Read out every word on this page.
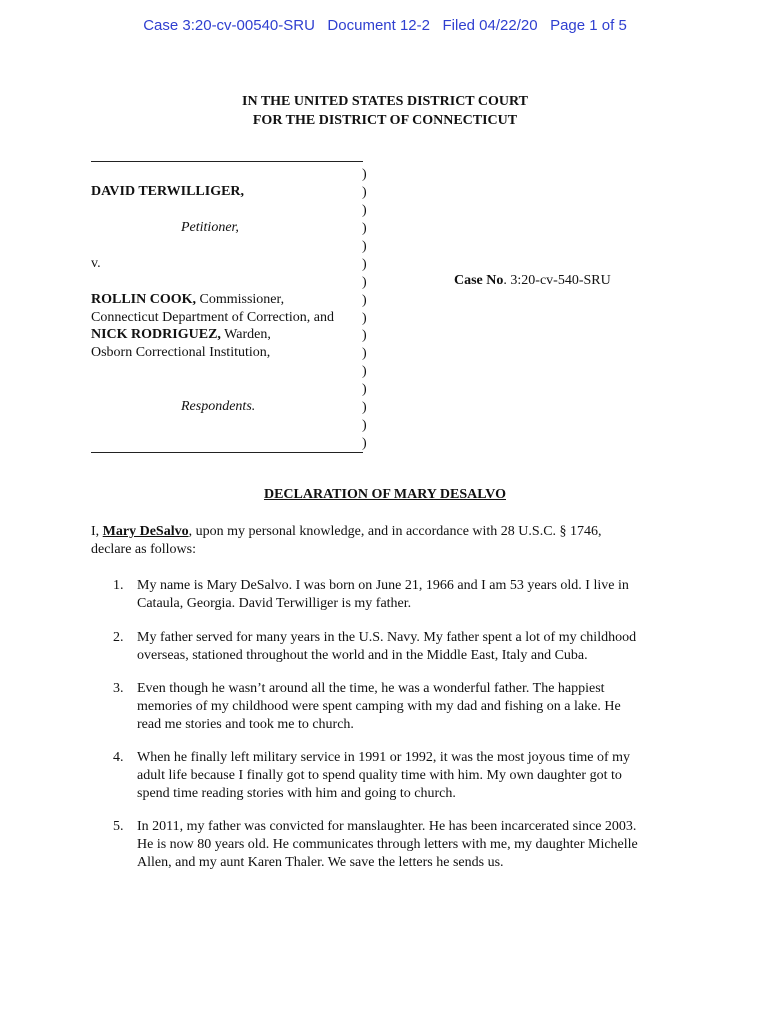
Case 3:20-cv-00540-SRU   Document 12-2   Filed 04/22/20   Page 1 of 5
IN THE UNITED STATES DISTRICT COURT
FOR THE DISTRICT OF CONNECTICUT
DAVID TERWILLIGER,
Petitioner,
v.
ROLLIN COOK, Commissioner,
Connecticut Department of Correction, and
NICK RODRIGUEZ, Warden,
Osborn Correctional Institution,
Respondents.
)
)
)
)
)
)
)
)
)
)
)
)
)
)
)
)
Case No. 3:20-cv-540-SRU
DECLARATION OF MARY DESALVO
I, Mary DeSalvo, upon my personal knowledge, and in accordance with 28 U.S.C. § 1746,
declare as follows:
1. My name is Mary DeSalvo. I was born on June 21, 1966 and I am 53 years old. I live in
Cataula, Georgia. David Terwilliger is my father.
2. My father served for many years in the U.S. Navy. My father spent a lot of my childhood
overseas, stationed throughout the world and in the Middle East, Italy and Cuba.
3. Even though he wasn’t around all the time, he was a wonderful father. The happiest
memories of my childhood were spent camping with my dad and fishing on a lake. He
read me stories and took me to church.
4. When he finally left military service in 1991 or 1992, it was the most joyous time of my
adult life because I finally got to spend quality time with him. My own daughter got to
spend time reading stories with him and going to church.
5. In 2011, my father was convicted for manslaughter. He has been incarcerated since 2003.
He is now 80 years old. He communicates through letters with me, my daughter Michelle
Allen, and my aunt Karen Thaler. We save the letters he sends us.
